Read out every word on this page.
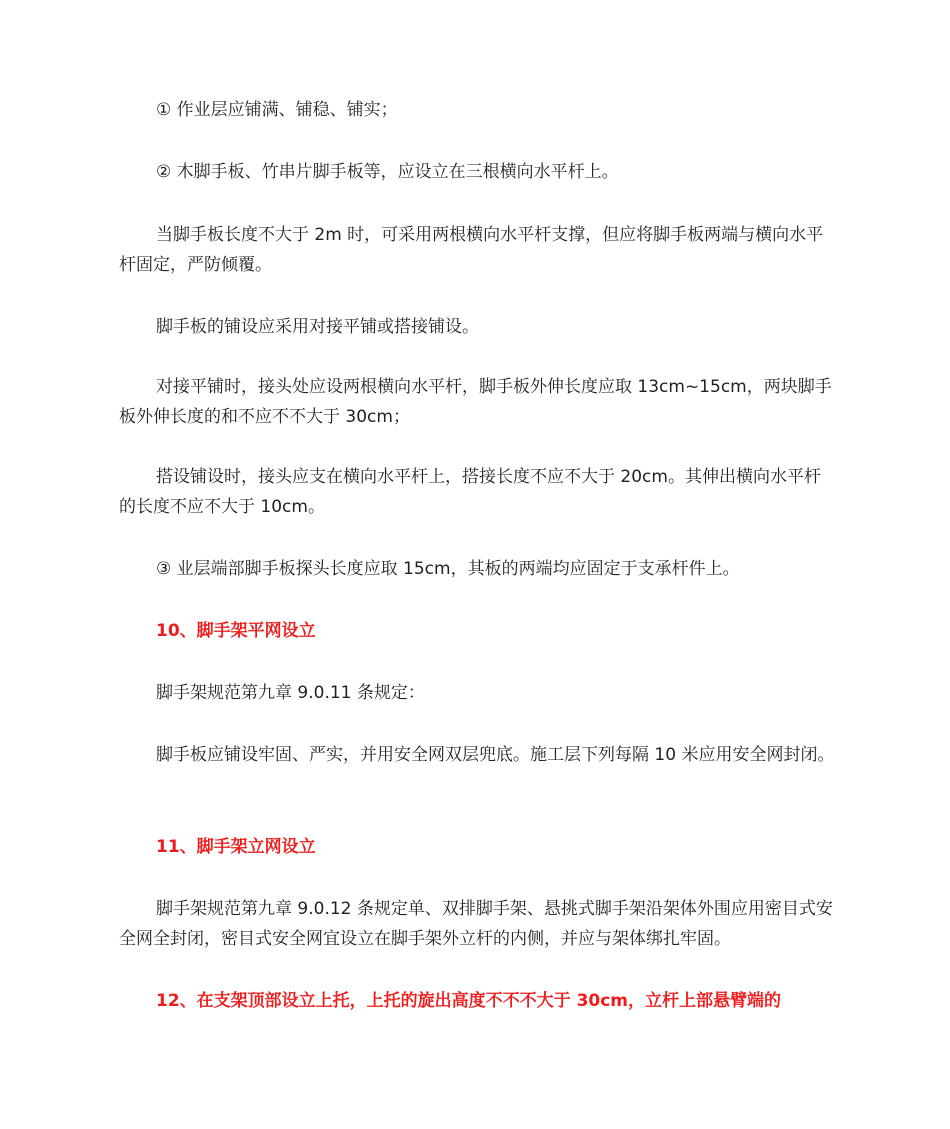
① 作业层应铺满、铺稳、铺实；

② 木脚手板、竹串片脚手板等，应设立在三根横向水平杆上。

当脚手板长度不大于 2m 时，可采用两根横向水平杆支撑，但应将脚手板两端与横向水平杆固定，严防倾覆。

脚手板的铺设应采用对接平铺或搭接铺设。

对接平铺时，接头处应设两根横向水平杆，脚手板外伸长度应取 13cm~15cm，两块脚手板外伸长度的和不应不不大于 30cm；

搭设铺设时，接头应支在横向水平杆上，搭接长度不应不大于 20cm。其伸出横向水平杆的长度不应不大于 10cm。

③ 业层端部脚手板探头长度应取 15cm，其板的两端均应固定于支承杆件上。

10、脚手架平网设立

脚手架规范第九章 9.0.11 条规定：

脚手板应铺设牢固、严实，并用安全网双层兜底。施工层下列每隔 10 米应用安全网封闭。

11、脚手架立网设立

脚手架规范第九章 9.0.12 条规定单、双排脚手架、悬挑式脚手架沿架体外围应用密目式安全网全封闭，密目式安全网宜设立在脚手架外立杆的内侧，并应与架体绑扎牢固。

12、在支架顶部设立上托，上托的旋出高度不不不大于 30cm，立杆上部悬臂端的
